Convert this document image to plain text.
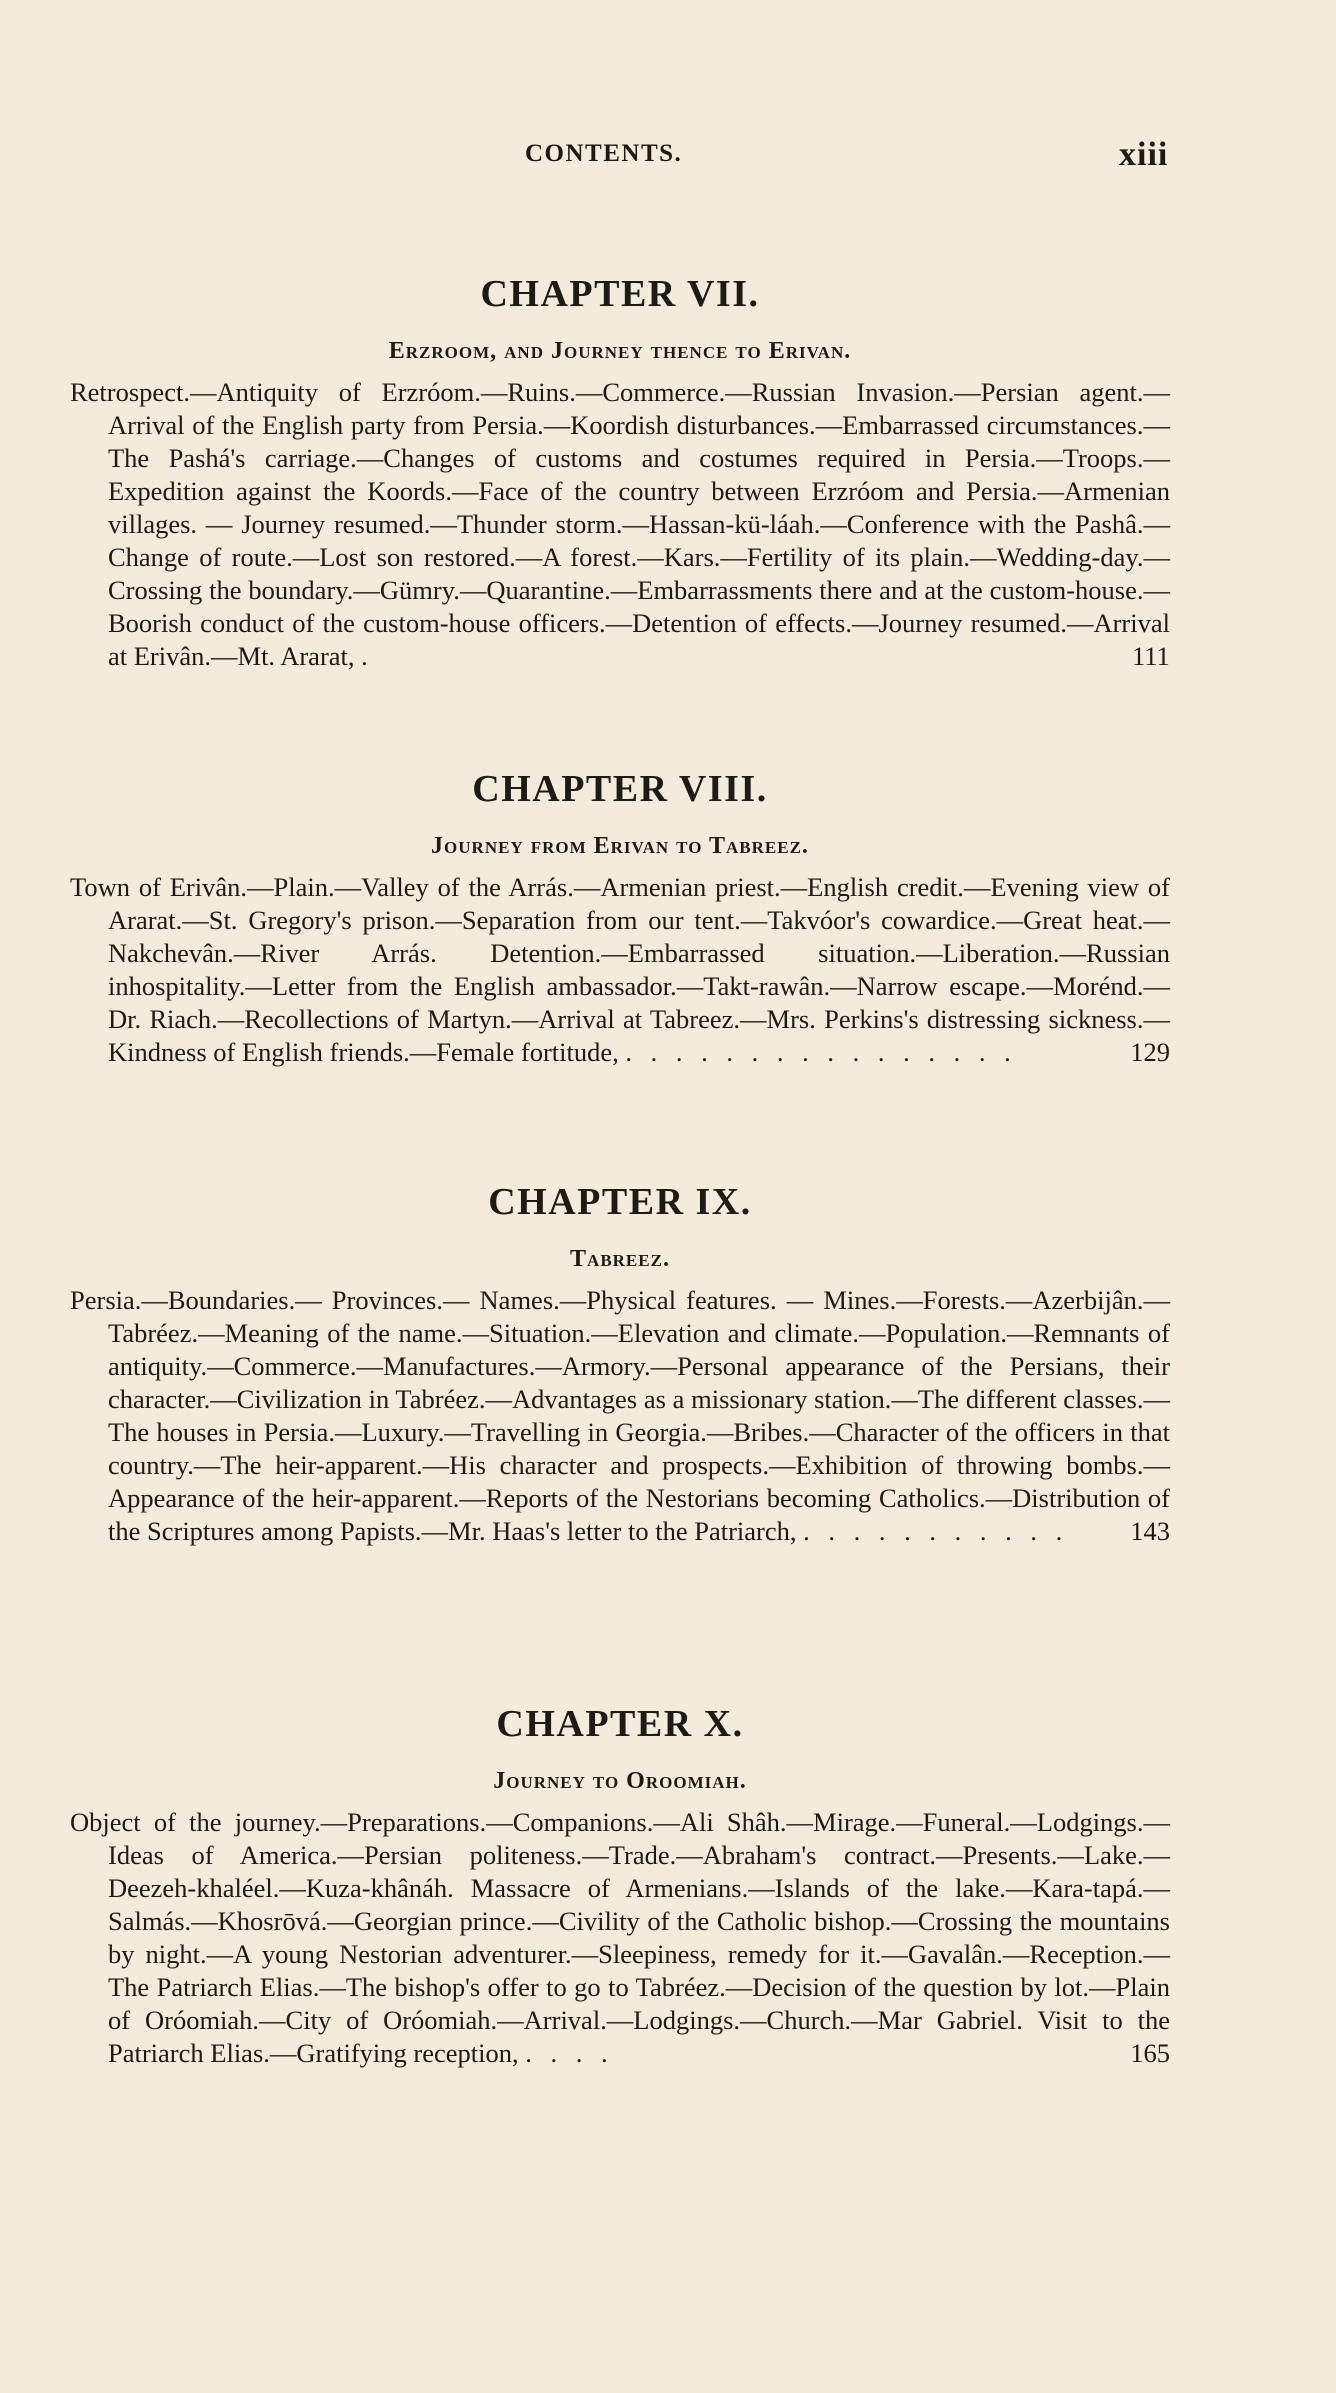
CONTENTS.	xiii
CHAPTER VII.
Erzroom, and Journey thence to Erivan.

Retrospect.—Antiquity of Erzróom.—Ruins.—Commerce.—Russian Invasion.—Persian agent.—Arrival of the English party from Persia.—Koordish disturbances.—Embarrassed circumstances.—The Pashá's carriage.—Changes of customs and costumes required in Persia.—Troops.—Expedition against the Koords.—Face of the country between Erzróom and Persia.—Armenian villages. — Journey resumed.—Thunder storm.—Hassan-kü-láah.—Conference with the Pashâ.—Change of route.—Lost son restored.—A forest.—Kars.—Fertility of its plain.—Wedding-day.—Crossing the boundary.—Gümry.—Quarantine.—Embarrassments there and at the custom-house.—Boorish conduct of the custom-house officers.—Detention of effects.—Journey resumed.—Arrival at Erivân.—Mt. Ararat, .	111

CHAPTER VIII.
Journey from Erivan to Tabreez.

Town of Erivân.—Plain.—Valley of the Arrás.—Armenian priest.—English credit.—Evening view of Ararat.—St. Gregory's prison.—Separation from our tent.—Takvóor's cowardice.—Great heat.—Nakchevân.—River Arrás. Detention.—Embarrassed situation.—Liberation.—Russian inhospitality.—Letter from the English ambassador.—Takt-rawân.—Narrow escape.—Morénd.—Dr. Riach.—Recollections of Martyn.—Arrival at Tabreez.—Mrs. Perkins's distressing sickness.—Kindness of English friends.—Female fortitude, . . . . . . . . . . . . . . . .	129

CHAPTER IX.
Tabreez.

Persia.—Boundaries.— Provinces.— Names.—Physical features. — Mines.—Forests.—Azerbijân.—Tabréez.—Meaning of the name.—Situation.—Elevation and climate.—Population.—Remnants of antiquity.—Commerce.—Manufactures.—Armory.—Personal appearance of the Persians, their character.—Civilization in Tabréez.—Advantages as a missionary station.—The different classes.—The houses in Persia.—Luxury.—Travelling in Georgia.—Bribes.—Character of the officers in that country.—The heir-apparent.—His character and prospects.—Exhibition of throwing bombs.—Appearance of the heir-apparent.—Reports of the Nestorians becoming Catholics.—Distribution of the Scriptures among Papists.—Mr. Haas's letter to the Patriarch, . . . . . . . . . . . 143

CHAPTER X.
Journey to Oroomiah.

Object of the journey.—Preparations.—Companions.—Ali Shâh.—Mirage.—Funeral.—Lodgings.—Ideas of America.—Persian politeness.—Trade.—Abraham's contract.—Presents.—Lake.—Deezeh-khaléel.—Kuza-khânáh. Massacre of Armenians.—Islands of the lake.—Kara-tapá.—Salmás.—Khosrōvá.—Georgian prince.—Civility of the Catholic bishop.—Crossing the mountains by night.—A young Nestorian adventurer.—Sleepiness, remedy for it.—Gavalân.—Reception.—The Patriarch Elias.—The bishop's offer to go to Tabréez.—Decision of the question by lot.—Plain of Oróomiah.—City of Oróomiah.—Arrival.—Lodgings.—Church.—Mar Gabriel. Visit to the Patriarch Elias.—Gratifying reception, . . . .	165
